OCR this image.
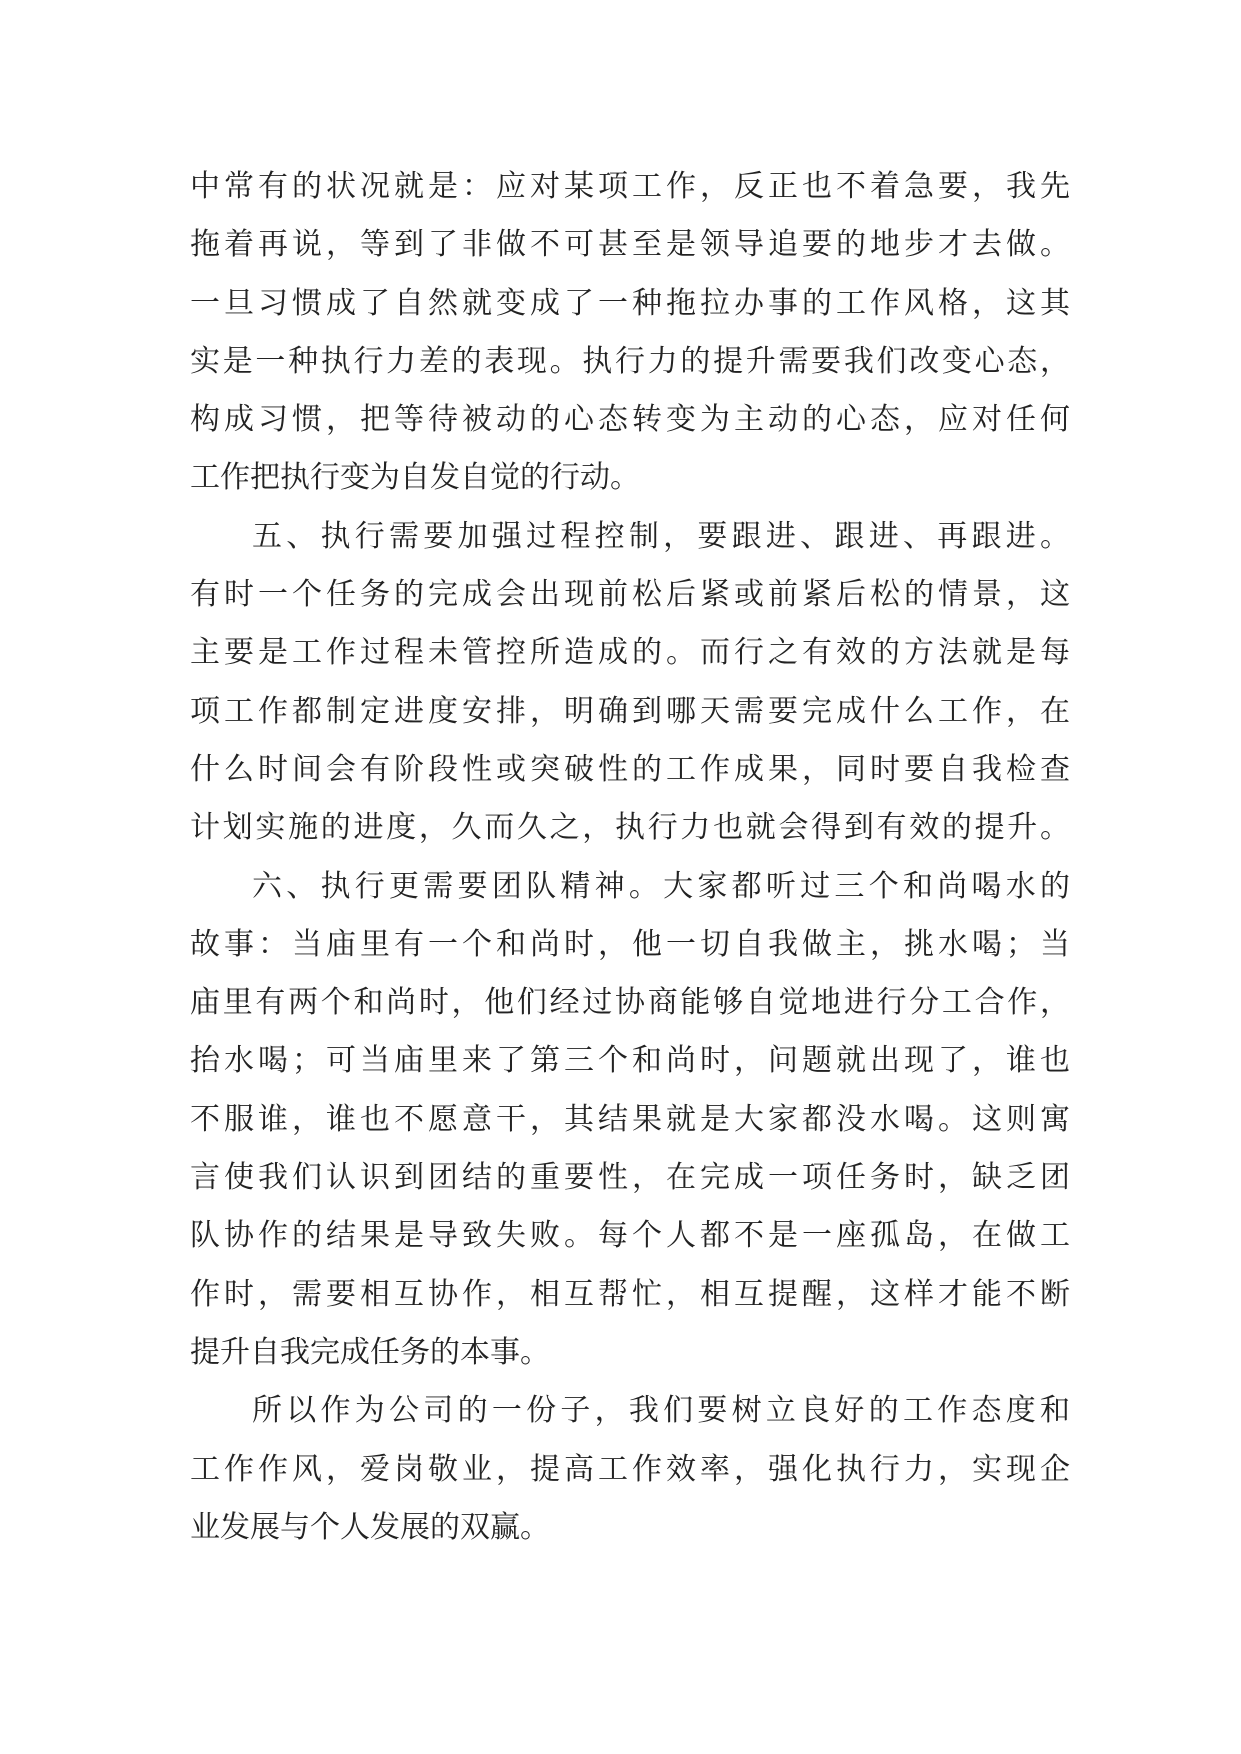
中常有的状况就是：应对某项工作，反正也不着急要，我先
拖着再说，等到了非做不可甚至是领导追要的地步才去做。
一旦习惯成了自然就变成了一种拖拉办事的工作风格，这其
实是一种执行力差的表现。执行力的提升需要我们改变心态，
构成习惯，把等待被动的心态转变为主动的心态，应对任何
工作把执行变为自发自觉的行动。
五、执行需要加强过程控制，要跟进、跟进、再跟进。
有时一个任务的完成会出现前松后紧或前紧后松的情景，这
主要是工作过程未管控所造成的。而行之有效的方法就是每
项工作都制定进度安排，明确到哪天需要完成什么工作，在
什么时间会有阶段性或突破性的工作成果，同时要自我检查
计划实施的进度，久而久之，执行力也就会得到有效的提升。
六、执行更需要团队精神。大家都听过三个和尚喝水的
故事：当庙里有一个和尚时，他一切自我做主，挑水喝；当
庙里有两个和尚时，他们经过协商能够自觉地进行分工合作，
抬水喝；可当庙里来了第三个和尚时，问题就出现了，谁也
不服谁，谁也不愿意干，其结果就是大家都没水喝。这则寓
言使我们认识到团结的重要性，在完成一项任务时，缺乏团
队协作的结果是导致失败。每个人都不是一座孤岛，在做工
作时，需要相互协作，相互帮忙，相互提醒，这样才能不断
提升自我完成任务的本事。
所以作为公司的一份子，我们要树立良好的工作态度和
工作作风，爱岗敬业，提高工作效率，强化执行力，实现企
业发展与个人发展的双赢。
